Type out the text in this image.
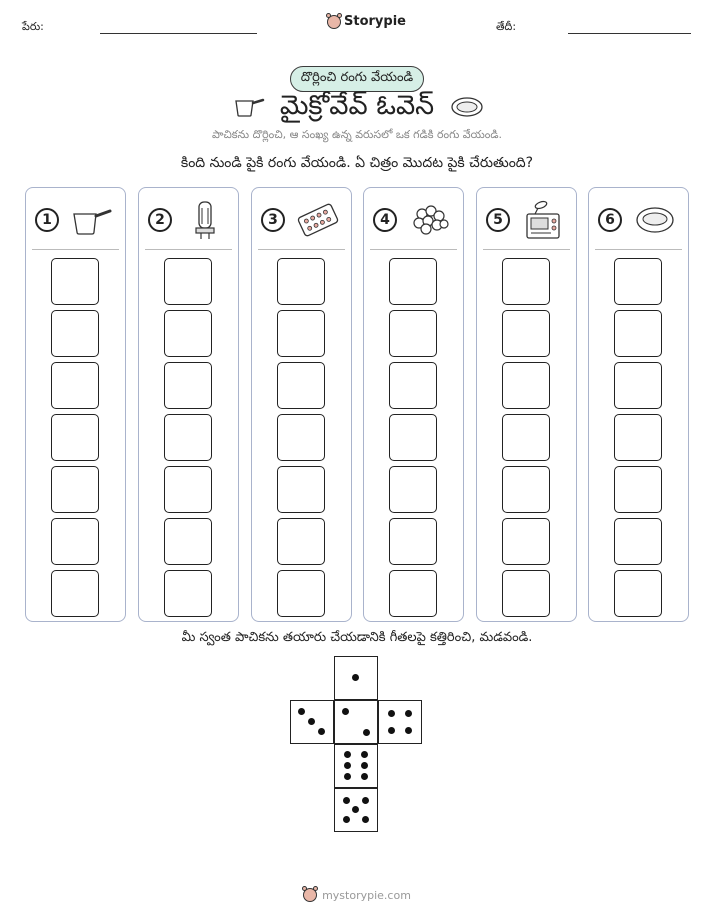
పేరు:	Storypie	తేదీ:
దొర్లించి రంగు వేయండి
మైక్రోవేవ్ ఓవెన్
పాచికను దొర్లించి, ఆ సంఖ్య ఉన్న వరుసలో ఒక గడికి రంగు వేయండి.
కింది నుండి పైకి రంగు వేయండి. ఏ చిత్రం మొదట పైకి చేరుతుంది?
1	2	3	4	5	6
మీ స్వంత పాచికను తయారు చేయడానికి గీతలపై కత్తిరించి, మడవండి.
mystorypie.com
